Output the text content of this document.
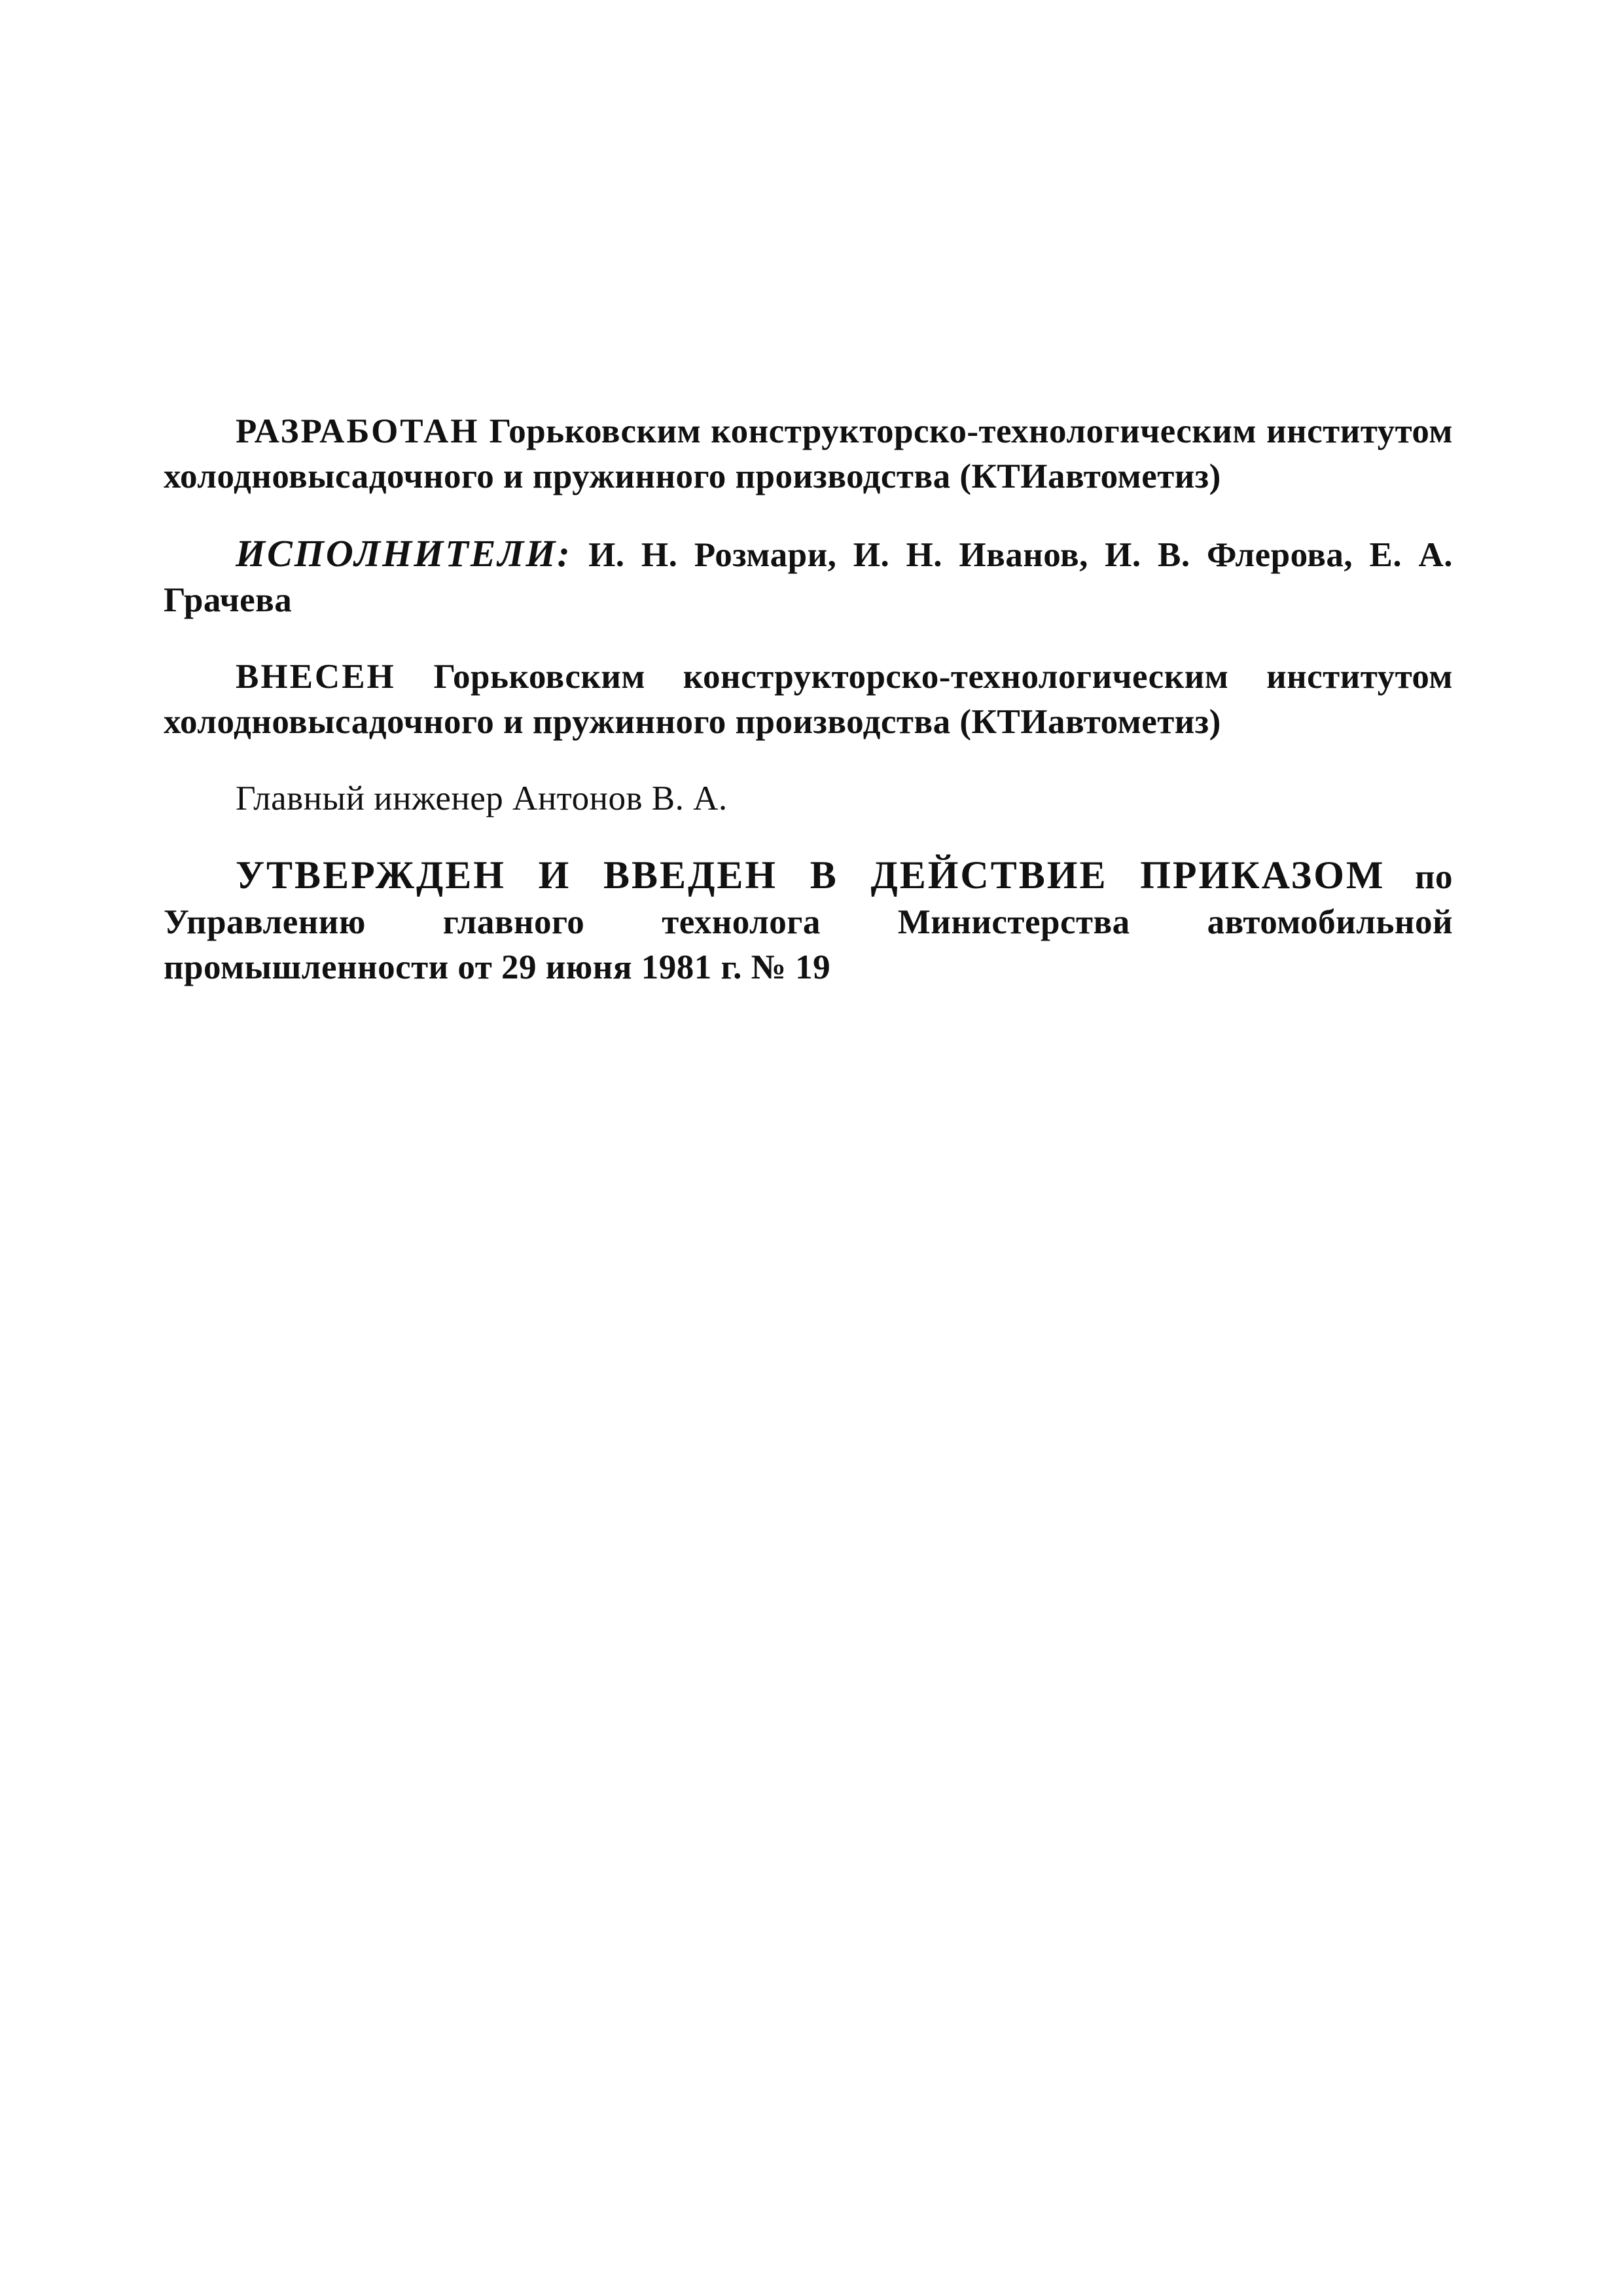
РАЗРАБОТАН Горьковским конструкторско-технологическим институтом холодновысадочного и пружинного производства (КТИавтометиз)

ИСПОЛНИТЕЛИ: И. Н. Розмари, И. Н. Иванов, И. В. Флерова, Е. А. Грачева

ВНЕСЕН Горьковским конструкторско-технологическим институтом холодновысадочного и пружинного производства (КТИавтометиз)

Главный инженер Антонов В. А.

УТВЕРЖДЕН И ВВЕДЕН В ДЕЙСТВИЕ ПРИКАЗОМ по Управлению главного технолога Министерства автомобильной промышленности от 29 июня 1981 г. № 19
